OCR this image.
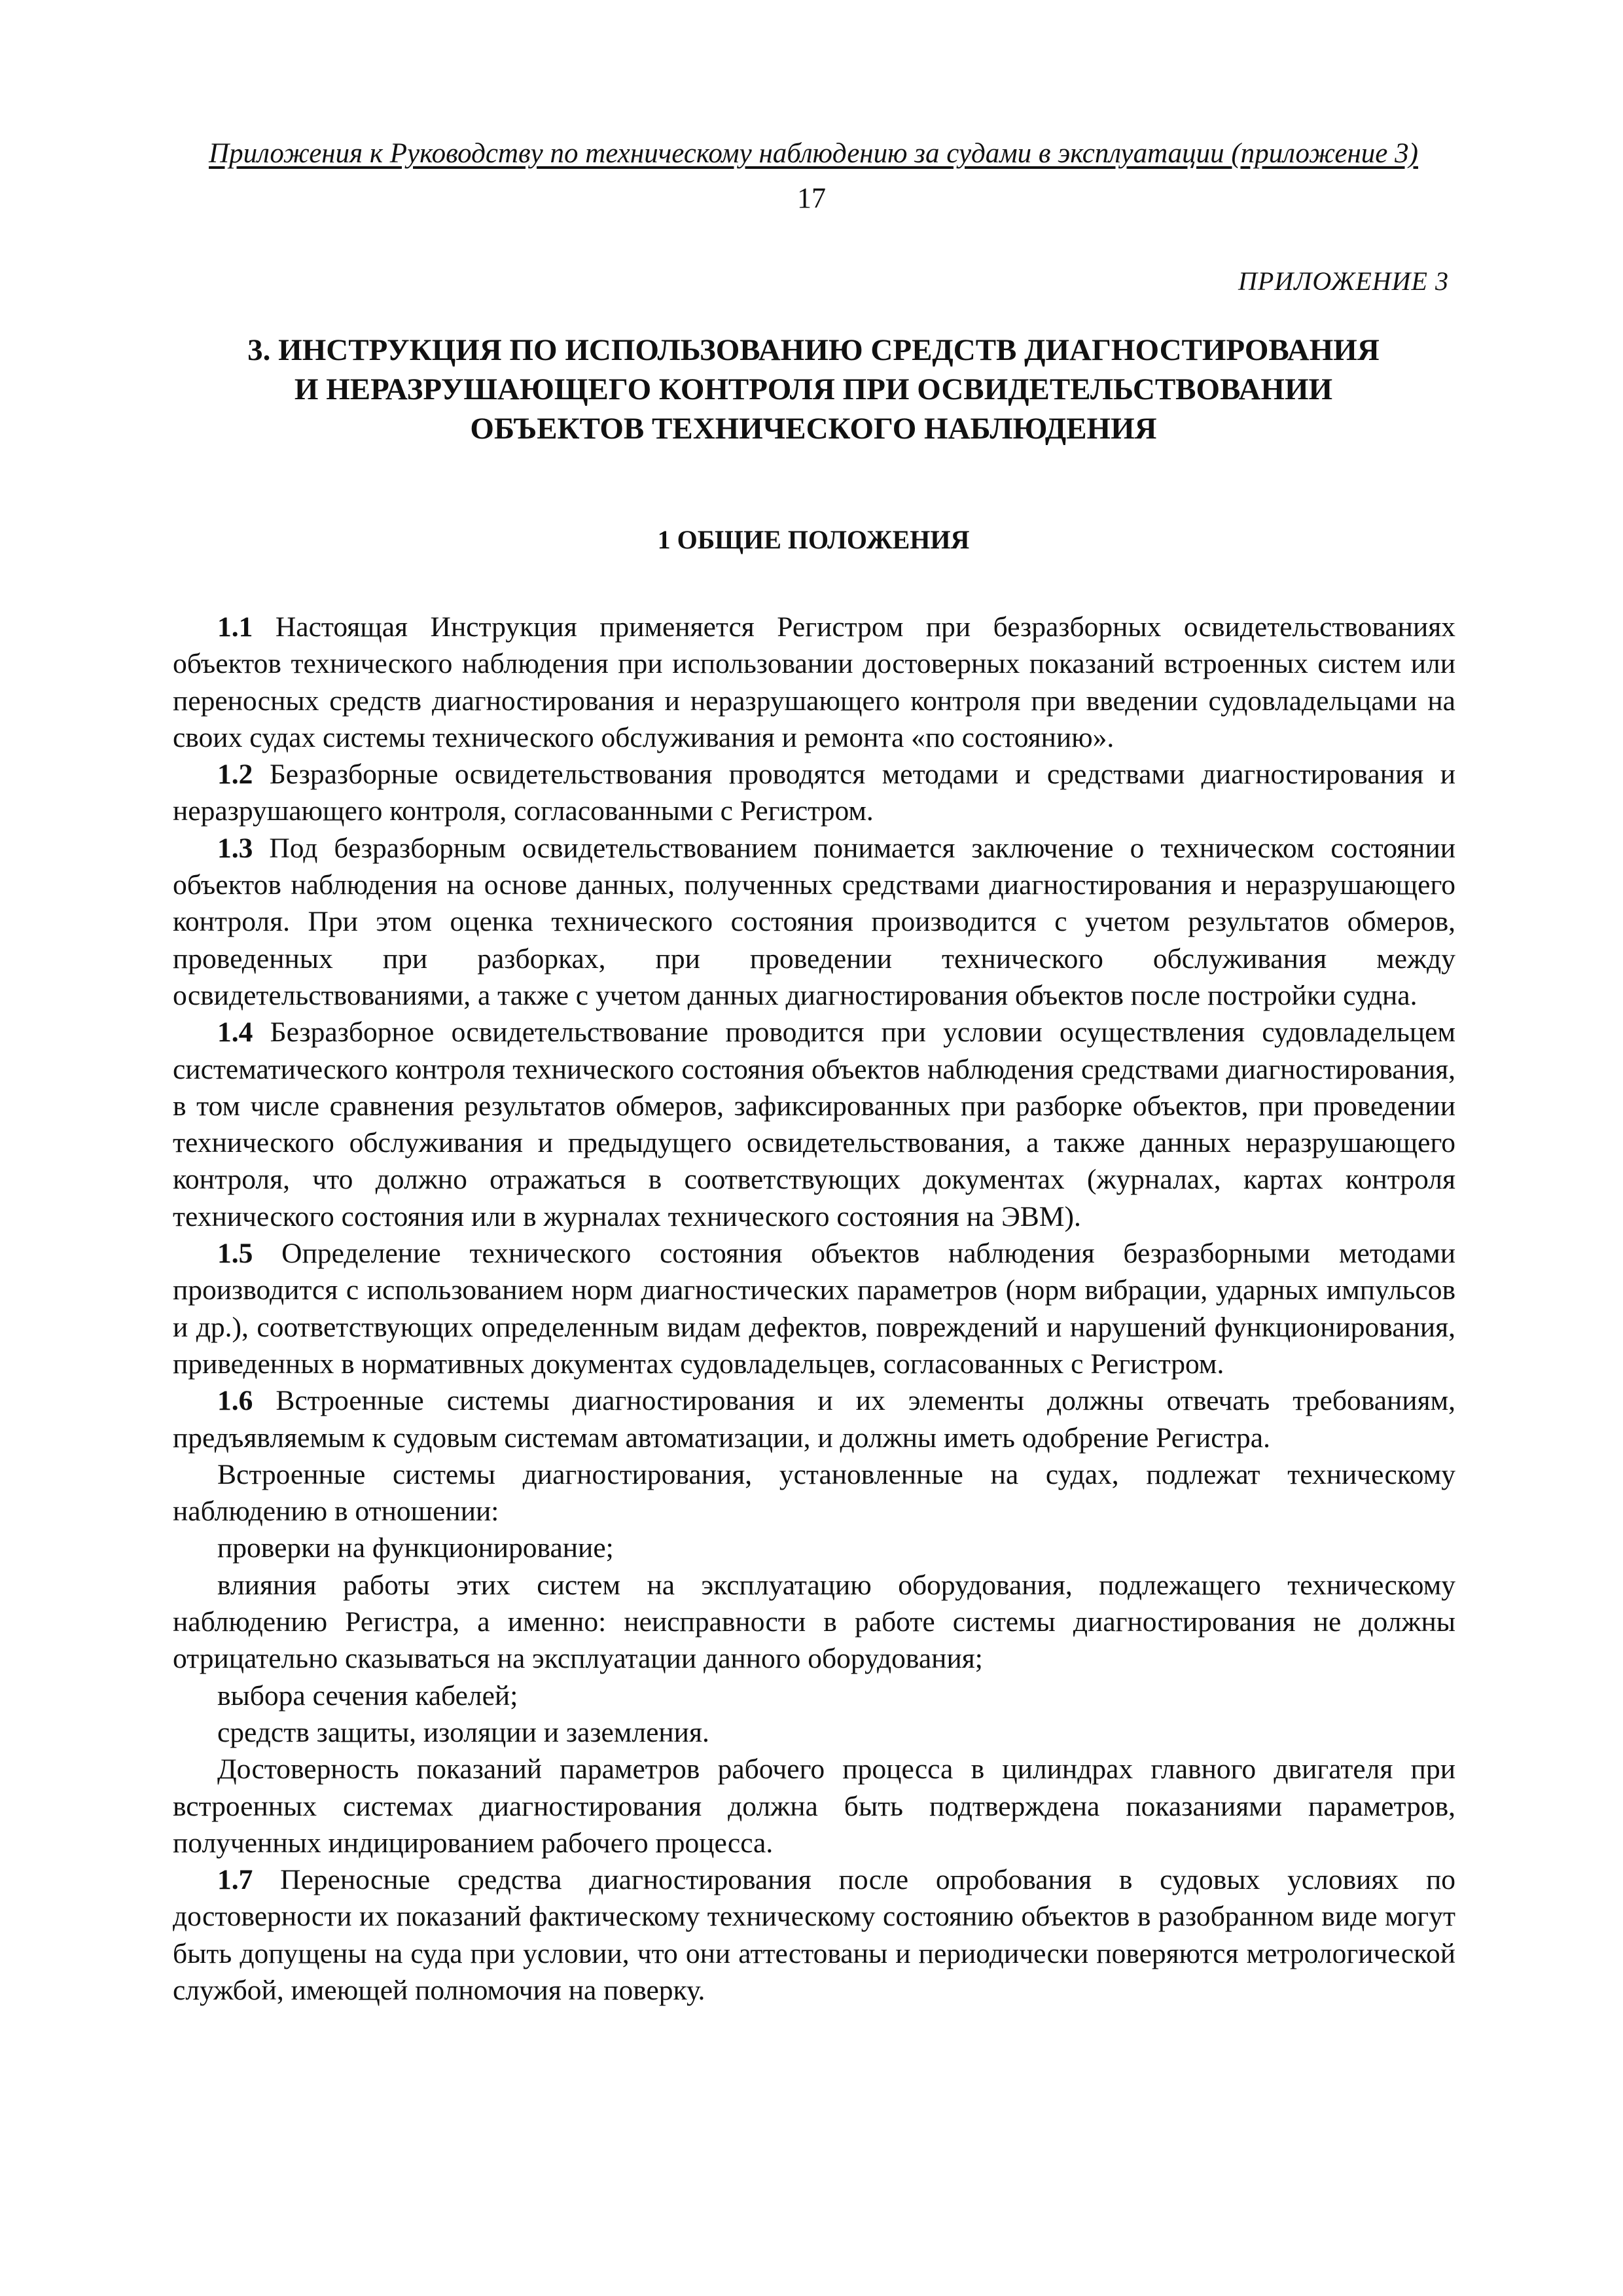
Приложения к Руководству по техническому наблюдению за судами в эксплуатации (приложение 3)
17
ПРИЛОЖЕНИЕ 3
3. ИНСТРУКЦИЯ ПО ИСПОЛЬЗОВАНИЮ СРЕДСТВ ДИАГНОСТИРОВАНИЯ
И НЕРАЗРУШАЮЩЕГО КОНТРОЛЯ ПРИ ОСВИДЕТЕЛЬСТВОВАНИИ
ОБЪЕКТОВ ТЕХНИЧЕСКОГО НАБЛЮДЕНИЯ
1 ОБЩИЕ ПОЛОЖЕНИЯ

1.1 Настоящая Инструкция применяется Регистром при безразборных освидетельствованиях объектов технического наблюдения при использовании достоверных показаний встроенных систем или переносных средств диагностирования и неразрушающего контроля при введении судовладельцами на своих судах системы технического обслуживания и ремонта «по состоянию».

1.2 Безразборные освидетельствования проводятся методами и средствами диагностирования и неразрушающего контроля, согласованными с Регистром.

1.3 Под безразборным освидетельствованием понимается заключение о техническом состоянии объектов наблюдения на основе данных, полученных средствами диагностирования и неразрушающего контроля. При этом оценка технического состояния производится с учетом результатов обмеров, проведенных при разборках, при проведении технического обслуживания между освидетельствованиями, а также с учетом данных диагностирования объектов после постройки судна.

1.4 Безразборное освидетельствование проводится при условии осуществления судовладельцем систематического контроля технического состояния объектов наблюдения средствами диагностирования, в том числе сравнения результатов обмеров, зафиксированных при разборке объектов, при проведении технического обслуживания и предыдущего освидетельствования, а также данных неразрушающего контроля, что должно отражаться в соответствующих документах (журналах, картах контроля технического состояния или в журналах технического состояния на ЭВМ).

1.5 Определение технического состояния объектов наблюдения безразборными методами производится с использованием норм диагностических параметров (норм вибрации, ударных импульсов и др.), соответствующих определенным видам дефектов, повреждений и нарушений функционирования, приведенных в нормативных документах судовладельцев, согласованных с Регистром.

1.6 Встроенные системы диагностирования и их элементы должны отвечать требованиям, предъявляемым к судовым системам автоматизации, и должны иметь одобрение Регистра.

Встроенные системы диагностирования, установленные на судах, подлежат техническому наблюдению в отношении:

проверки на функционирование;

влияния работы этих систем на эксплуатацию оборудования, подлежащего техническому наблюдению Регистра, а именно: неисправности в работе системы диагностирования не должны отрицательно сказываться на эксплуатации данного оборудования;

выбора сечения кабелей;

средств защиты, изоляции и заземления.

Достоверность показаний параметров рабочего процесса в цилиндрах главного двигателя при встроенных системах диагностирования должна быть подтверждена показаниями параметров, полученных индицированием рабочего процесса.

1.7 Переносные средства диагностирования после опробования в судовых условиях по достоверности их показаний фактическому техническому состоянию объектов в разобранном виде могут быть допущены на суда при условии, что они аттестованы и периодически поверяются метрологической службой, имеющей полномочия на поверку.
